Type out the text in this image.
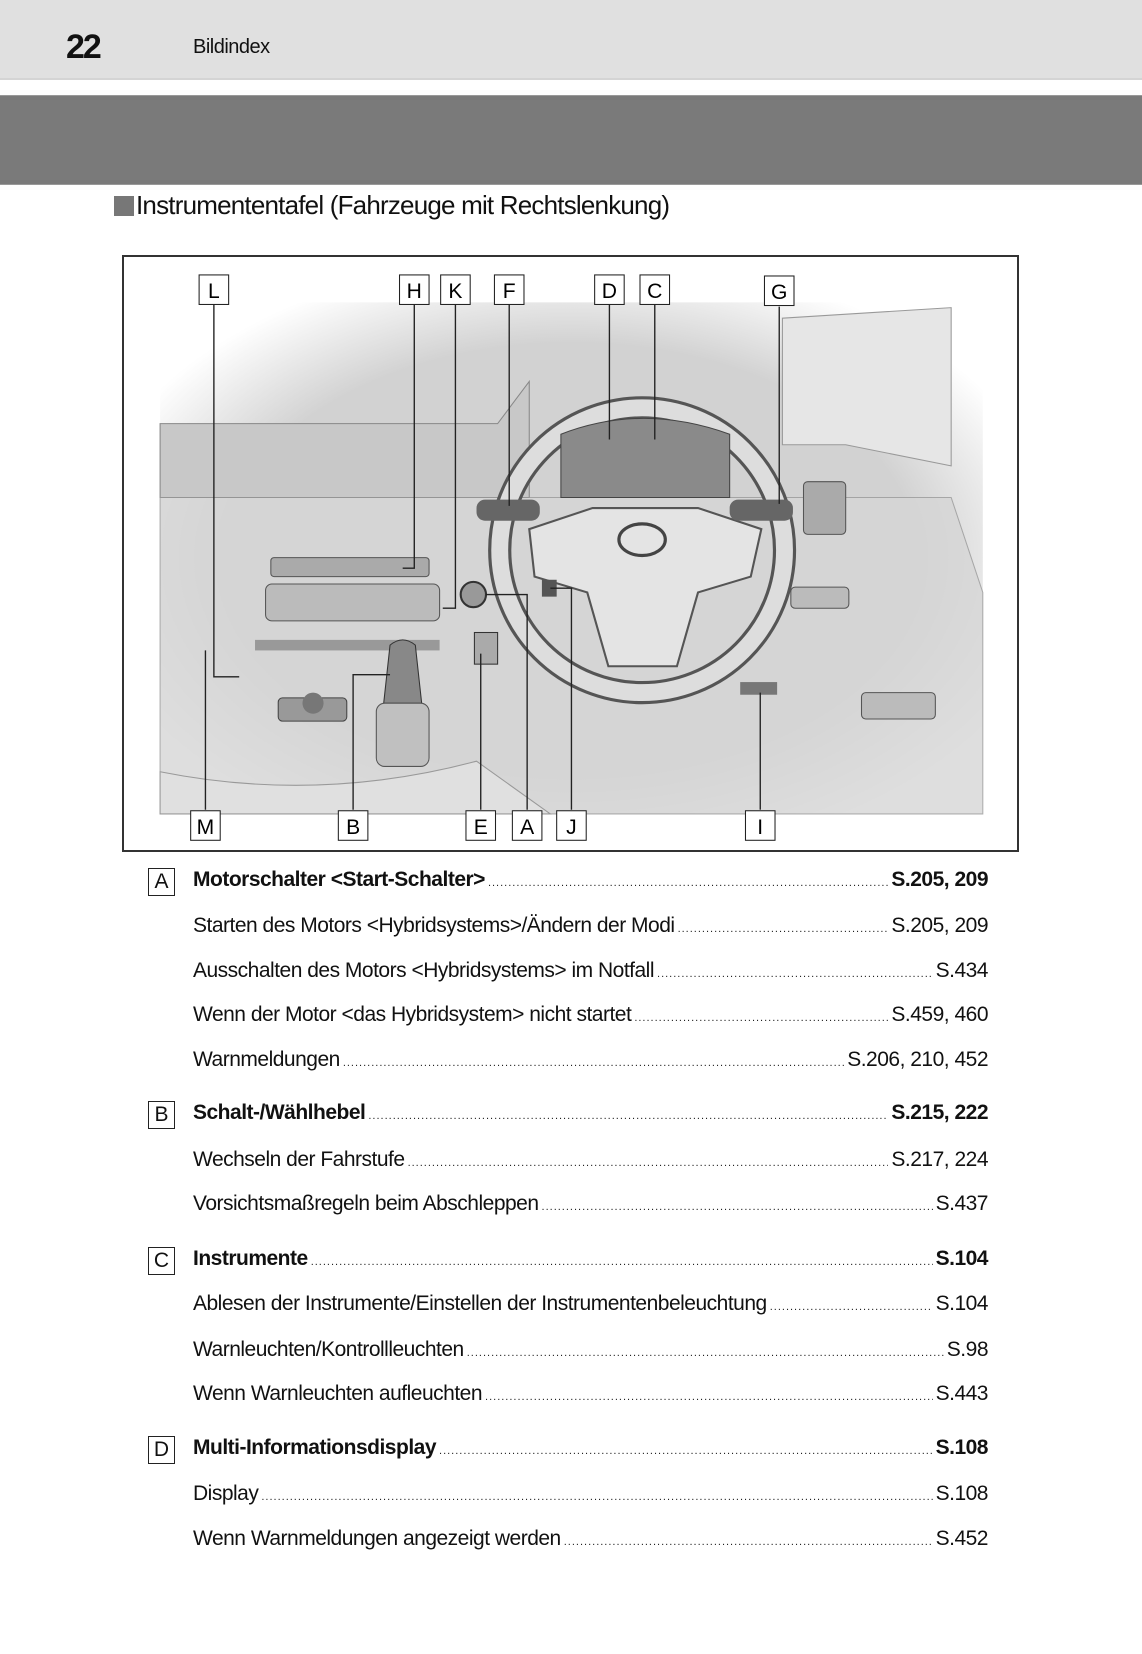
22	Bildindex
Instrumententafel (Fahrzeuge mit Rechtslenkung)
L	H K F	D C	G
M	B	E A J	I
A	Motorschalter <Start-Schalter> .....	S.205, 209
Starten des Motors <Hybridsystems>/Ändern der Modi .....	S.205, 209
Ausschalten des Motors <Hybridsystems> im Notfall .....	S.434
Wenn der Motor <das Hybridsystem> nicht startet .....	S.459, 460
Warnmeldungen .....	S.206, 210, 452
B	Schalt-/Wählhebel .....	S.215, 222
Wechseln der Fahrstufe .....	S.217, 224
Vorsichtsmaßregeln beim Abschleppen .....	S.437
C Instrumente .....	S.104
Ablesen der Instrumente/Einstellen der Instrumentenbeleuchtung .....	S.104
Warnleuchten/Kontrollleuchten .....	S.98
Wenn Warnleuchten aufleuchten .....	S.443
D Multi-Informationsdisplay .....	S.108
Display .....	S.108
Wenn Warnmeldungen angezeigt werden .....	S.452
